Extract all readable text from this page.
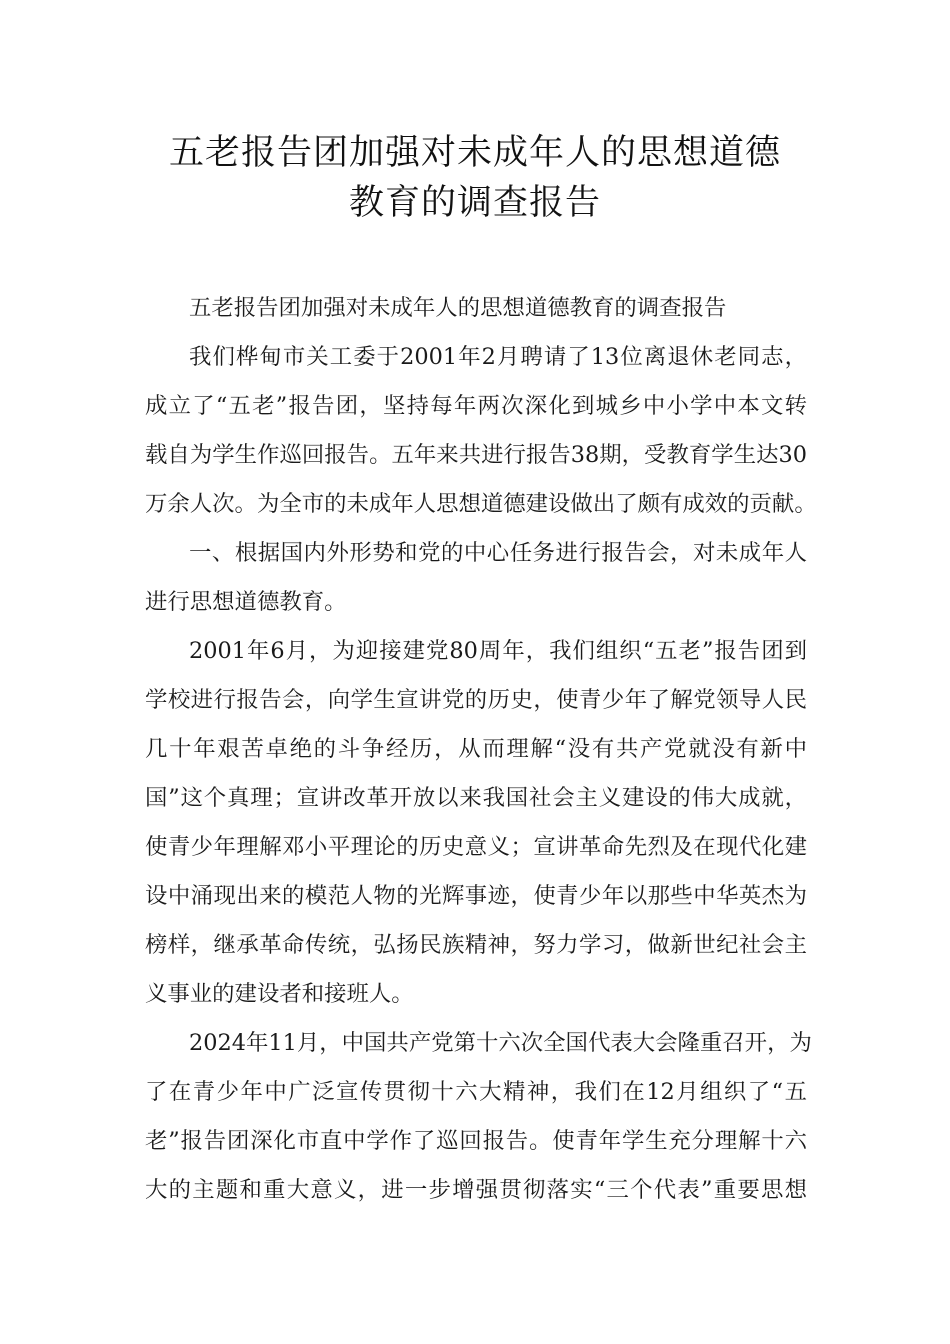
五老报告团加强对未成年人的思想道德
教育的调查报告
五老报告团加强对未成年人的思想道德教育的调查报告
我们桦甸市关工委于2001年2月聘请了13位离退休老同志，
成立了“五老”报告团，坚持每年两次深化到城乡中小学中本文转
载自为学生作巡回报告。五年来共进行报告38期，受教育学生达30
万余人次。为全市的未成年人思想道德建设做出了颇有成效的贡献。
一、根据国内外形势和党的中心任务进行报告会，对未成年人
进行思想道德教育。
2001年6月，为迎接建党80周年，我们组织“五老”报告团到
学校进行报告会，向学生宣讲党的历史，使青少年了解党领导人民
几十年艰苦卓绝的斗争经历，从而理解“没有共产党就没有新中
国”这个真理；宣讲改革开放以来我国社会主义建设的伟大成就，
使青少年理解邓小平理论的历史意义；宣讲革命先烈及在现代化建
设中涌现出来的模范人物的光辉事迹，使青少年以那些中华英杰为
榜样，继承革命传统，弘扬民族精神，努力学习，做新世纪社会主
义事业的建设者和接班人。
2024年11月，中国共产党第十六次全国代表大会隆重召开，为
了在青少年中广泛宣传贯彻十六大精神，我们在12月组织了“五
老”报告团深化市直中学作了巡回报告。使青年学生充分理解十六
大的主题和重大意义，进一步增强贯彻落实“三个代表”重要思想
